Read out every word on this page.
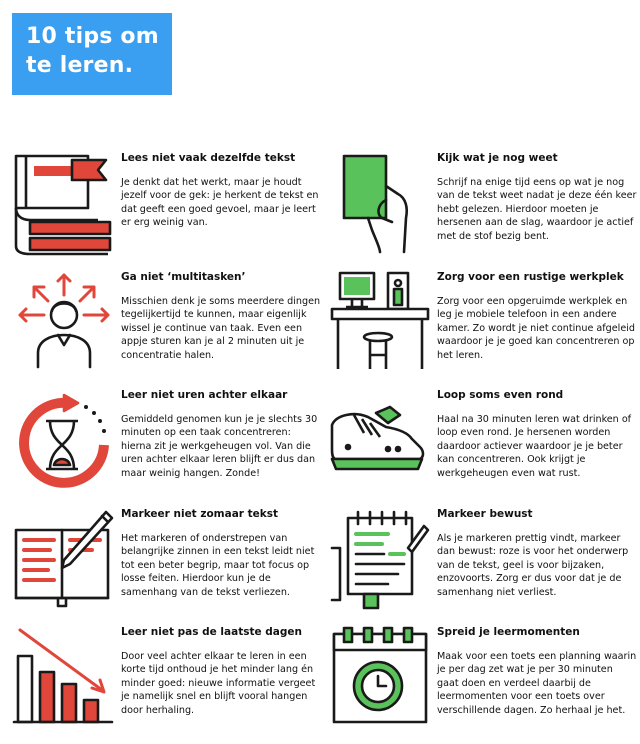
10 tips om
te leren.
Lees niet vaak dezelfde tekst
Je denkt dat het werkt, maar je houdt jezelf voor de gek: je herkent de tekst en dat geeft een goed gevoel, maar je leert er erg weinig van.
Kijk wat je nog weet
Schrijf na enige tijd eens op wat je nog van de tekst weet nadat je deze één keer hebt gelezen. Hierdoor moeten je hersenen aan de slag, waardoor je actief met de stof bezig bent.
Ga niet ‘multitasken’
Misschien denk je soms meerdere dingen tegelijkertijd te kunnen, maar eigenlijk wissel je continue van taak. Even een appje sturen kan je al 2 minuten uit je concentratie halen.
Zorg voor een rustige werkplek
Zorg voor een opgeruimde werkplek en leg je mobiele telefoon in een andere kamer. Zo wordt je niet continue afgeleid waardoor je je goed kan concentreren op het leren.
Leer niet uren achter elkaar
Gemiddeld genomen kun je je slechts 30 minuten op een taak concentreren: hierna zit je werkgeheugen vol. Van die uren achter elkaar leren blijft er dus dan maar weinig hangen. Zonde!
Loop soms even rond
Haal na 30 minuten leren wat drinken of loop even rond. Je hersenen worden daardoor actiever waardoor je je beter kan concentreren. Ook krijgt je werkgeheugen even wat rust.
Markeer niet zomaar tekst
Het markeren of onderstrepen van belangrijke zinnen in een tekst leidt niet tot een beter begrip, maar tot focus op losse feiten. Hierdoor kun je de samenhang van de tekst verliezen.
Markeer bewust
Als je markeren prettig vindt, markeer dan bewust: roze is voor het onderwerp van de tekst, geel is voor bijzaken, enzovoorts. Zorg er dus voor dat je de samenhang niet verliest.
Leer niet pas de laatste dagen
Door veel achter elkaar te leren in een korte tijd onthoud je het minder lang én minder goed: nieuwe informatie vergeet je namelijk snel en blijft vooral hangen door herhaling.
Spreid je leermomenten
Maak voor een toets een planning waarin je per dag zet wat je per 30 minuten gaat doen en verdeel daarbij de leermomenten voor een toets over verschillende dagen. Zo herhaal je het.
